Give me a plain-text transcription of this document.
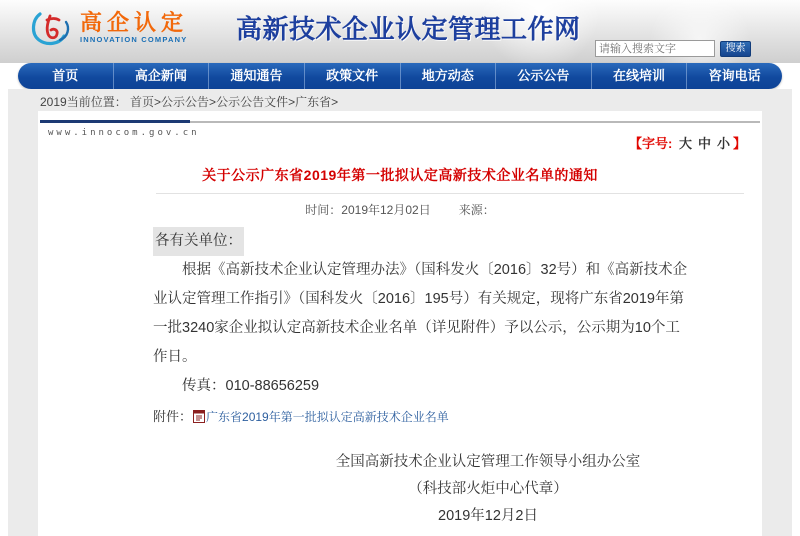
高企认定
INNOVATION COMPANY 高新技术企业认定管理工作网
请输入搜索文字
搜索
首页	高企新闻	通知通告	政策文件	地方动态	公示公告	在线培训	咨询电话
2019当前位置： 首页>公示公告>公示公告文件>广东省>
www.innocom.gov.cn
【字号: 大 中 小 】
关于公示广东省2019年第一批拟认定高新技术企业名单的通知
时间：2019年12月02日 来源：
各有关单位：
根据《高新技术企业认定管理办法》（国科发火〔2016〕32号）和《高新技术企业认定管理工作指引》（国科发火〔2016〕195号）有关规定，现将广东省2019年第一批3240家企业拟认定高新技术企业名单（详见附件）予以公示，公示期为10个工作日。
传真：010-88656259
附件： 广东省2019年第一批拟认定高新技术企业名单
全国高新技术企业认定管理工作领导小组办公室
（科技部火炬中心代章）
2019年12月2日
